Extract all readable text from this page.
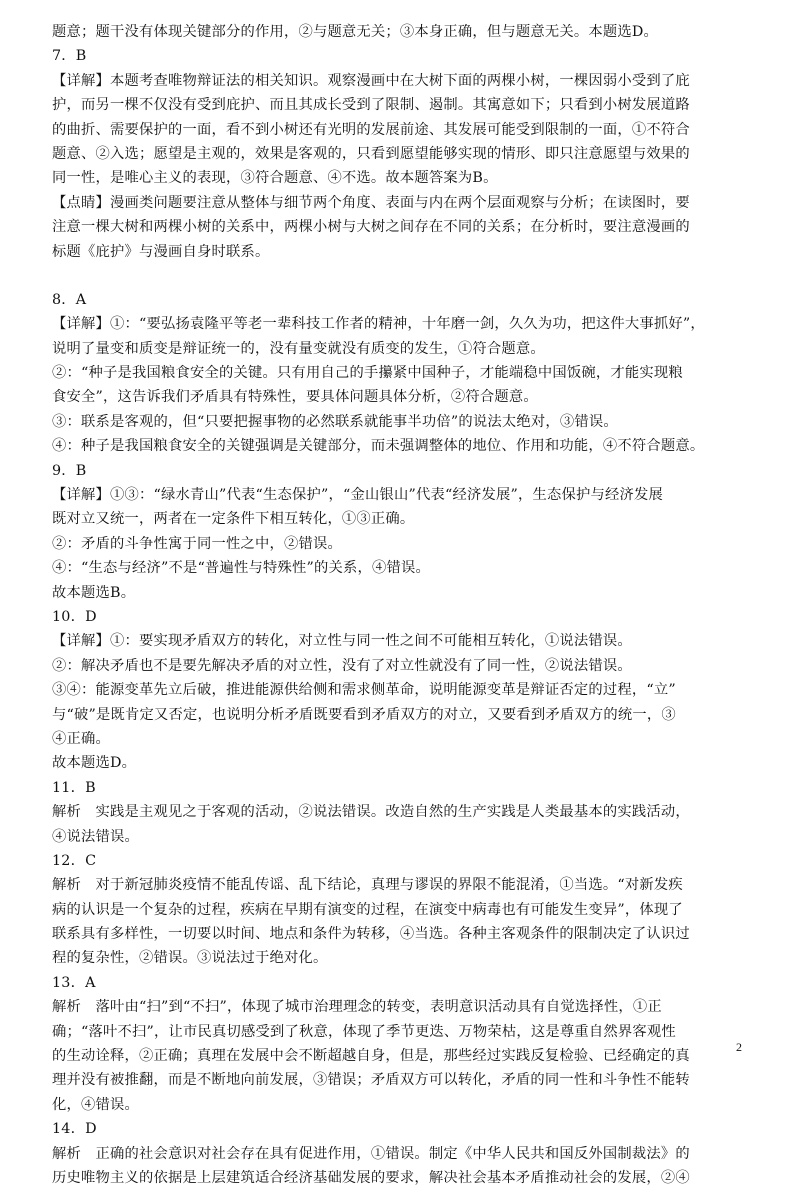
题意；题干没有体现关键部分的作用，②与题意无关；③本身正确，但与题意无关。本题选D。
7．B
【详解】本题考查唯物辩证法的相关知识。观察漫画中在大树下面的两棵小树，一棵因弱小受到了庇
护，而另一棵不仅没有受到庇护、而且其成长受到了限制、遏制。其寓意如下；只看到小树发展道路
的曲折、需要保护的一面，看不到小树还有光明的发展前途、其发展可能受到限制的一面，①不符合
题意、②入选；愿望是主观的，效果是客观的，只看到愿望能够实现的情形、即只注意愿望与效果的
同一性，是唯心主义的表现，③符合题意、④不选。故本题答案为B。
【点睛】漫画类问题要注意从整体与细节两个角度、表面与内在两个层面观察与分析；在读图时，要
注意一棵大树和两棵小树的关系中，两棵小树与大树之间存在不同的关系；在分析时，要注意漫画的
标题《庇护》与漫画自身时联系。
8．A
【详解】①：“要弘扬袁隆平等老一辈科技工作者的精神，十年磨一剑，久久为功，把这件大事抓好”，
说明了量变和质变是辩证统一的，没有量变就没有质变的发生，①符合题意。
②：“种子是我国粮食安全的关键。只有用自己的手攥紧中国种子，才能端稳中国饭碗，才能实现粮
食安全”，这告诉我们矛盾具有特殊性，要具体问题具体分析，②符合题意。
③：联系是客观的，但“只要把握事物的必然联系就能事半功倍”的说法太绝对，③错误。
④：种子是我国粮食安全的关键强调是关键部分，而未强调整体的地位、作用和功能，④不符合题意。
9．B
【详解】①③：“绿水青山”代表“生态保护”，“金山银山”代表“经济发展”，生态保护与经济发展
既对立又统一，两者在一定条件下相互转化，①③正确。
②：矛盾的斗争性寓于同一性之中，②错误。
④：“生态与经济”不是“普遍性与特殊性”的关系，④错误。
故本题选B。
10．D
【详解】①：要实现矛盾双方的转化，对立性与同一性之间不可能相互转化，①说法错误。
②：解决矛盾也不是要先解决矛盾的对立性，没有了对立性就没有了同一性，②说法错误。
③④：能源变革先立后破，推进能源供给侧和需求侧革命，说明能源变革是辩证否定的过程，“立”
与“破”是既肯定又否定，也说明分析矛盾既要看到矛盾双方的对立，又要看到矛盾双方的统一，③
④正确。
故本题选D。
11．B
解析　实践是主观见之于客观的活动，②说法错误。改造自然的生产实践是人类最基本的实践活动，
④说法错误。
12．C
解析　对于新冠肺炎疫情不能乱传谣、乱下结论，真理与谬误的界限不能混淆，①当选。“对新发疾
病的认识是一个复杂的过程，疾病在早期有演变的过程，在演变中病毒也有可能发生变异”，体现了
联系具有多样性，一切要以时间、地点和条件为转移，④当选。各种主客观条件的限制决定了认识过
程的复杂性，②错误。③说法过于绝对化。
13．A
解析　落叶由“扫”到“不扫”，体现了城市治理理念的转变，表明意识活动具有自觉选择性，①正
确；“落叶不扫”，让市民真切感受到了秋意，体现了季节更迭、万物荣枯，这是尊重自然界客观性
的生动诠释，②正确；真理在发展中会不断超越自身，但是，那些经过实践反复检验、已经确定的真
理并没有被推翻，而是不断地向前发展，③错误；矛盾双方可以转化，矛盾的同一性和斗争性不能转
化，④错误。
14．D
解析　正确的社会意识对社会存在具有促进作用，①错误。制定《中华人民共和国反外国制裁法》的
历史唯物主义的依据是上层建筑适合经济基础发展的要求，解决社会基本矛盾推动社会的发展，②④
2
